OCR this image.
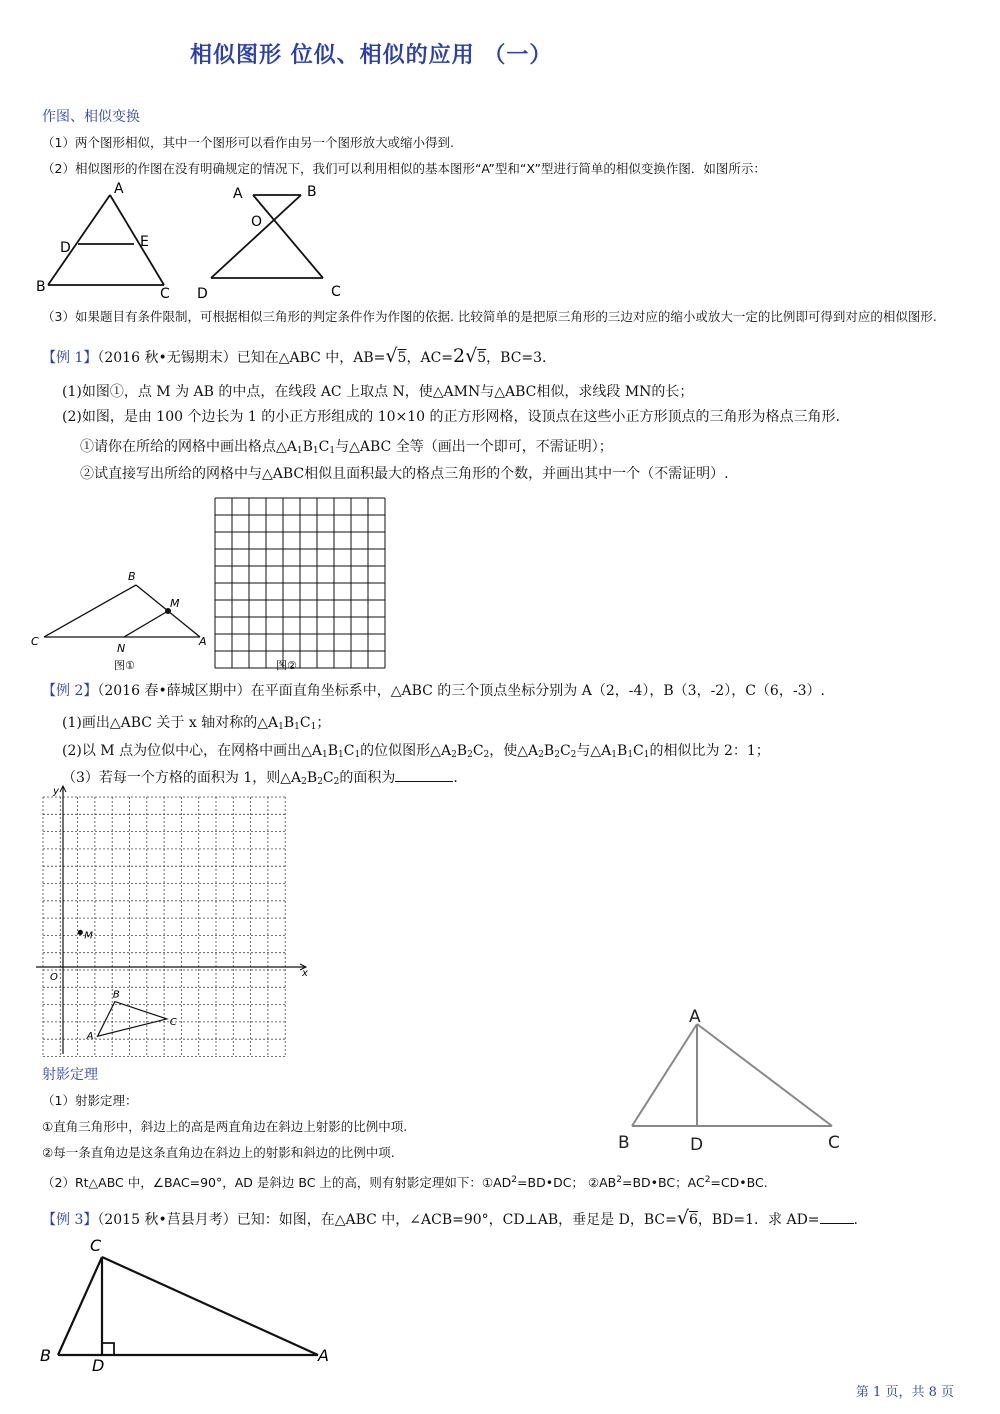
相似图形 位似、相似的应用 （一）
作图、相似变换
（1）两个图形相似，其中一个图形可以看作由另一个图形放大或缩小得到.
（2）相似图形的作图在没有明确规定的情况下，我们可以利用相似的基本图形“A”型和“X”型进行简单的相似变换作图．如图所示：
A
D	E
B	C
A	B
O
D	C
（3）如果题目有条件限制，可根据相似三角形的判定条件作为作图的依据. 比较简单的是把原三角形的三边对应的缩小或放大一定的比例即可得到对应的相似图形.
【例 1】（2016 秋•无锡期末）已知在△ABC 中，AB=√5，AC=2√5，BC=3.
(1)如图①，点 M 为 AB 的中点，在线段 AC 上取点 N，使△AMN与△ABC相似，求线段 MN的长；
(2)如图，是由 100 个边长为 1 的小正方形组成的 10×10 的正方形网格，设顶点在这些小正方形顶点的三角形为格点三角形.
①请你在所给的网格中画出格点$\triangle A_1B_1C_1$与△ABC 全等（画出一个即可，不需证明）；
②试直接写出所给的网格中与△ABC相似且面积最大的格点三角形的个数，并画出其中一个（不需证明）.
B
M
C
N
A
图①	图②
【例 2】（2016 春•薛城区期中）在平面直角坐标系中，△ABC 的三个顶点坐标分别为 A（2，-4），B（3，-2），C（6，-3）.
(1)画出△ABC 关于 x 轴对称的$\triangle A_1B_1C_1$；
(2)以 M 点为位似中心，在网格中画出$\triangle A_1B_1C_1$的位似图形$\triangle A_2B_2C_2$，使$\triangle A_2B_2C_2$与$\triangle A_1B_1C_1$的相似比为 2：1；
（3）若每一个方格的面积为 1，则$\triangle A_2B_2C_2$的面积为	.
y
x
O
M
A
B
C
射影定理
（1）射影定理：
①直角三角形中，斜边上的高是两直角边在斜边上射影的比例中项.
②每一条直角边是这条直角边在斜边上的射影和斜边的比例中项.
（2）Rt△ABC 中，∠BAC=90°，AD 是斜边 BC 上的高，则有射影定理如下：$①AD^2=BD•DC$； $②AB^2=BD•BC$；$AC^2=CD•BC$.
A
B	D	C
【例 3】（2015 秋•莒县月考）已知：如图，在△ABC 中，∠ACB=90°，CD⊥AB，垂足是 D，BC=√6，BD=1．求 AD= .
C
B
D
A
第 1 页，共 8 页
